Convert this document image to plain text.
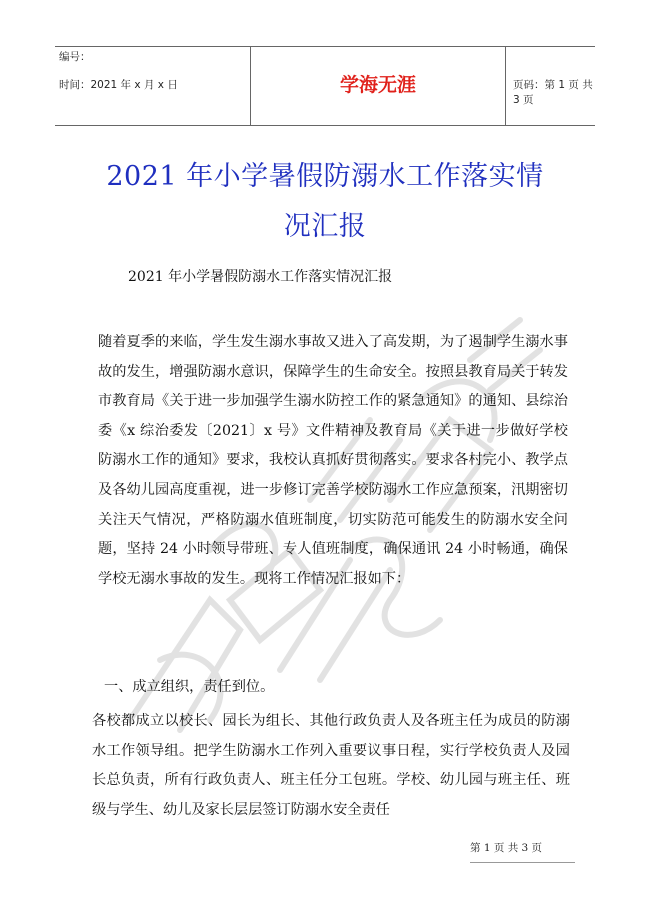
编号：
时间：2021 年 x 月 x 日	学海无涯	页码：第 1 页 共 3 页
2021 年小学暑假防溺水工作落实情
况汇报
2021 年小学暑假防溺水工作落实情况汇报

随着夏季的来临，学生发生溺水事故又进入了高发期，为了遏制学生溺水事故的发生，增强防溺水意识，保障学生的生命安全。按照县教育局关于转发市教育局《关于进一步加强学生溺水防控工作的紧急通知》的通知、县综治委《x 综治委发〔2021〕x 号》文件精神及教育局《关于进一步做好学校防溺水工作的通知》要求，我校认真抓好贯彻落实。要求各村完小、教学点及各幼儿园高度重视，进一步修订完善学校防溺水工作应急预案，汛期密切关注天气情况，严格防溺水值班制度，切实防范可能发生的防溺水安全问题，坚持 24 小时领导带班、专人值班制度，确保通讯 24 小时畅通，确保学校无溺水事故的发生。现将工作情况汇报如下：

一、成立组织，责任到位。

各校都成立以校长、园长为组长、其他行政负责人及各班主任为成员的防溺水工作领导组。把学生防溺水工作列入重要议事日程，实行学校负责人及园长总负责，所有行政负责人、班主任分工包班。学校、幼儿园与班主任、班级与学生、幼儿及家长层层签订防溺水安全责任

第 1 页 共 3 页
